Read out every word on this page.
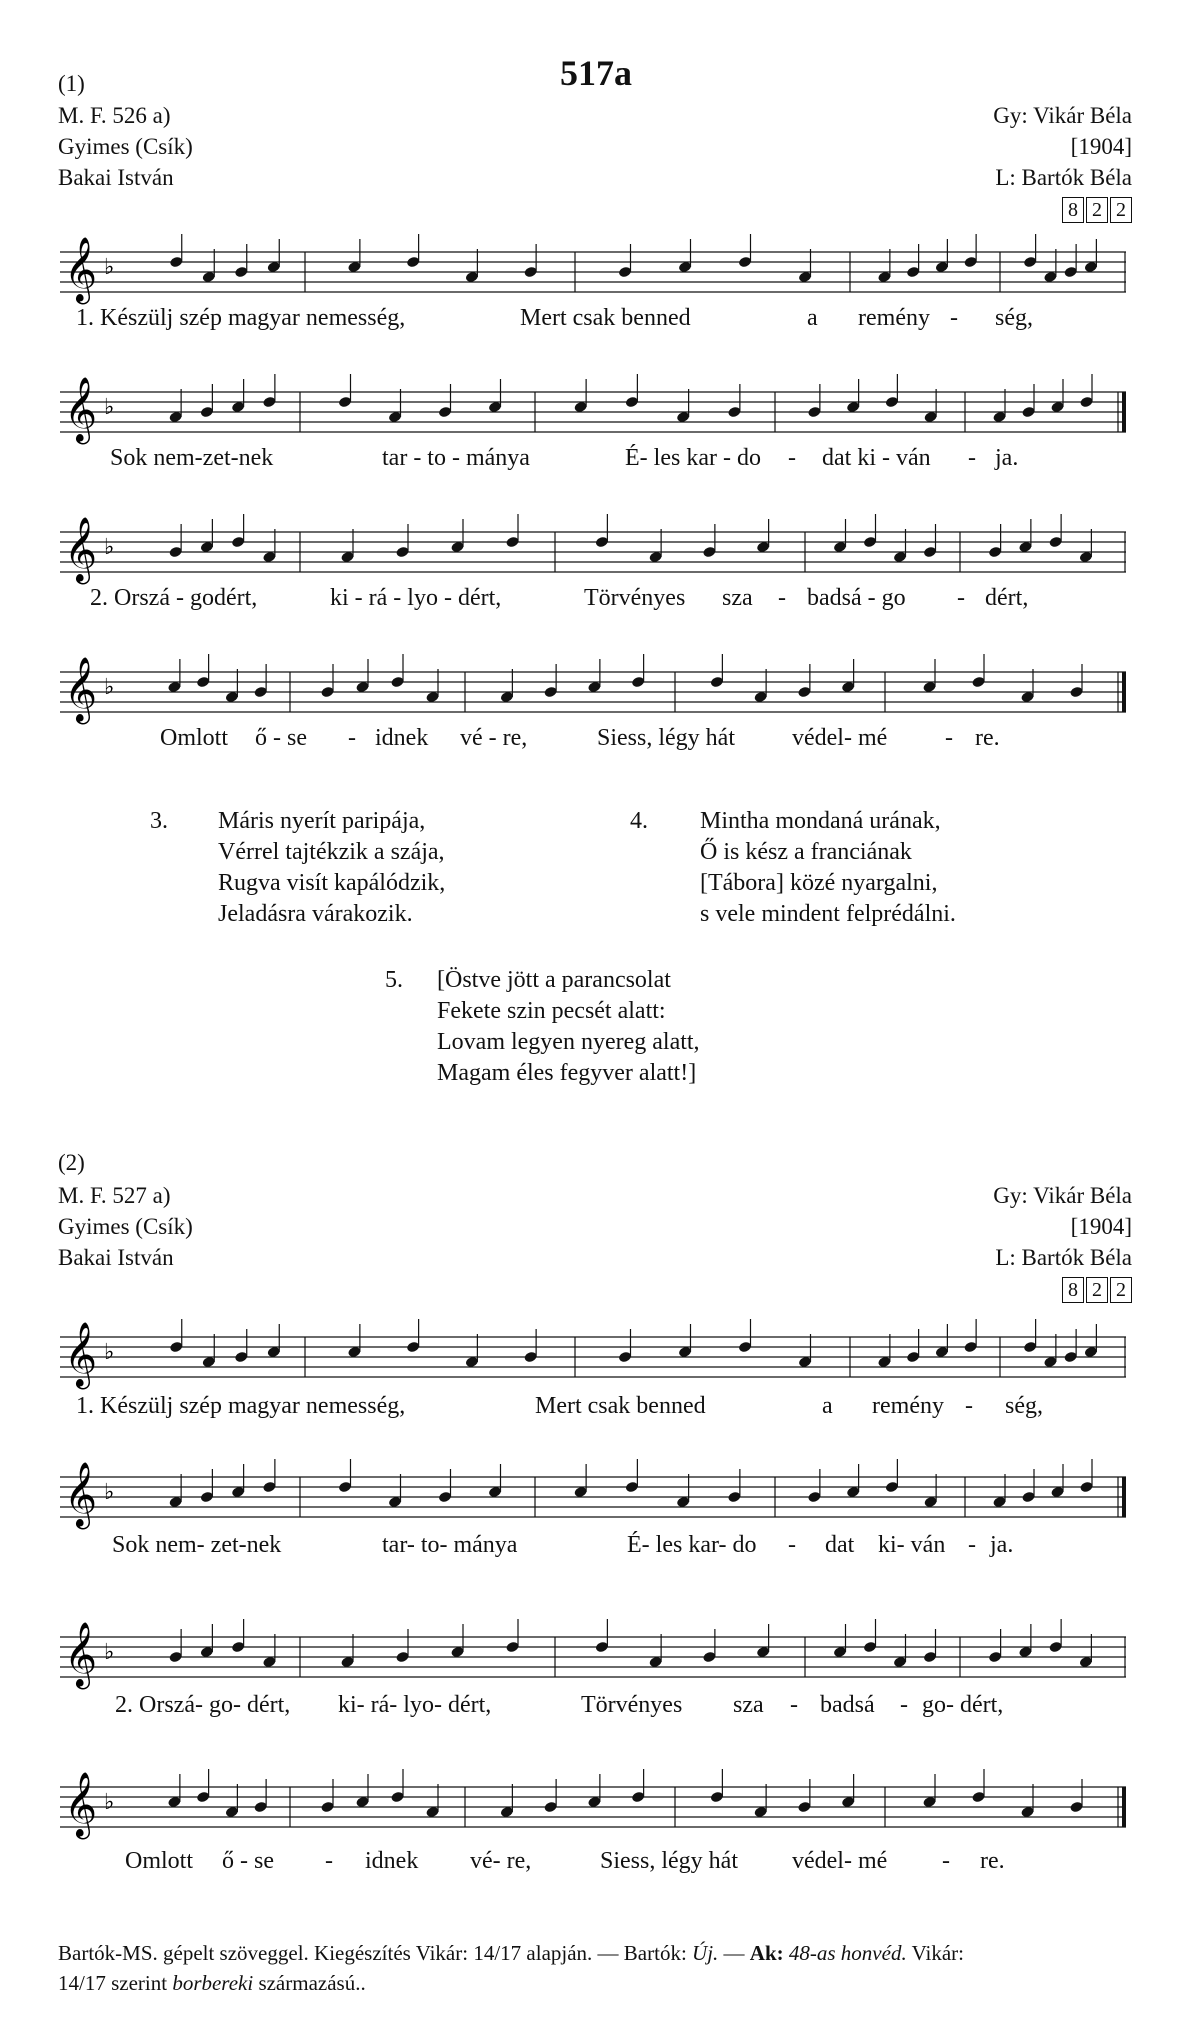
517a
(1)
M. F. 526 a)
Gyimes (Csík)
Bakai István
Gy: Vikár Béla
[1904]
L: Bartók Béla
8 2 2
𝄞 ♭
𝄞 ♭
𝄞 ♭
𝄞 ♭
1. Készülj szép magyar nemesség,	Mert csak benned	a remény - ség,
Sok nem-zet-nek	tar - to - mánya	É- les kar - do - dat ki - ván - ja.
2. Orszá - godért,	ki - rá - lyo - dért,	Törvényes sza - badsá - go - dért,
Omlott ő - se - idnek vé - re,	Siess, légy hát védel- mé - re.
3. Máris nyerít paripája,
Vérrel tajtékzik a szája,
Rugva visít kapálódzik,
Jeladásra várakozik.
4. Mintha mondaná urának,
Ő is kész a franciának
[Tábora] közé nyargalni,
s vele mindent felprédálni.
5. [Östve jött a parancsolat
Fekete szin pecsét alatt:
Lovam legyen nyereg alatt,
Magam éles fegyver alatt!]
(2)
M. F. 527 a)
Gyimes (Csík)
Bakai István
Gy: Vikár Béla
[1904]
L: Bartók Béla
8 2 2
𝄞 ♭
𝄞 ♭
𝄞 ♭
𝄞 ♭
1. Készülj szép magyar nemesség,	Mert csak benned	a remény - ség,
Sok nem- zet-nek	tar- to- mánya	É- les kar- do - dat ki- ván - ja.
2. Orszá- go- dért, ki- rá- lyo- dért,	Törvényes sza - badsá - go- dért,
Omlott ő - se - idnek vé- re,	Siess, légy hát védel- mé - re.
Bartók-MS. gépelt szöveggel. Kiegészítés Vikár: 14/17 alapján. — Bartók: Új. — Ak: 48-as honvéd. Vikár:
14/17 szerint borbereki származású..
